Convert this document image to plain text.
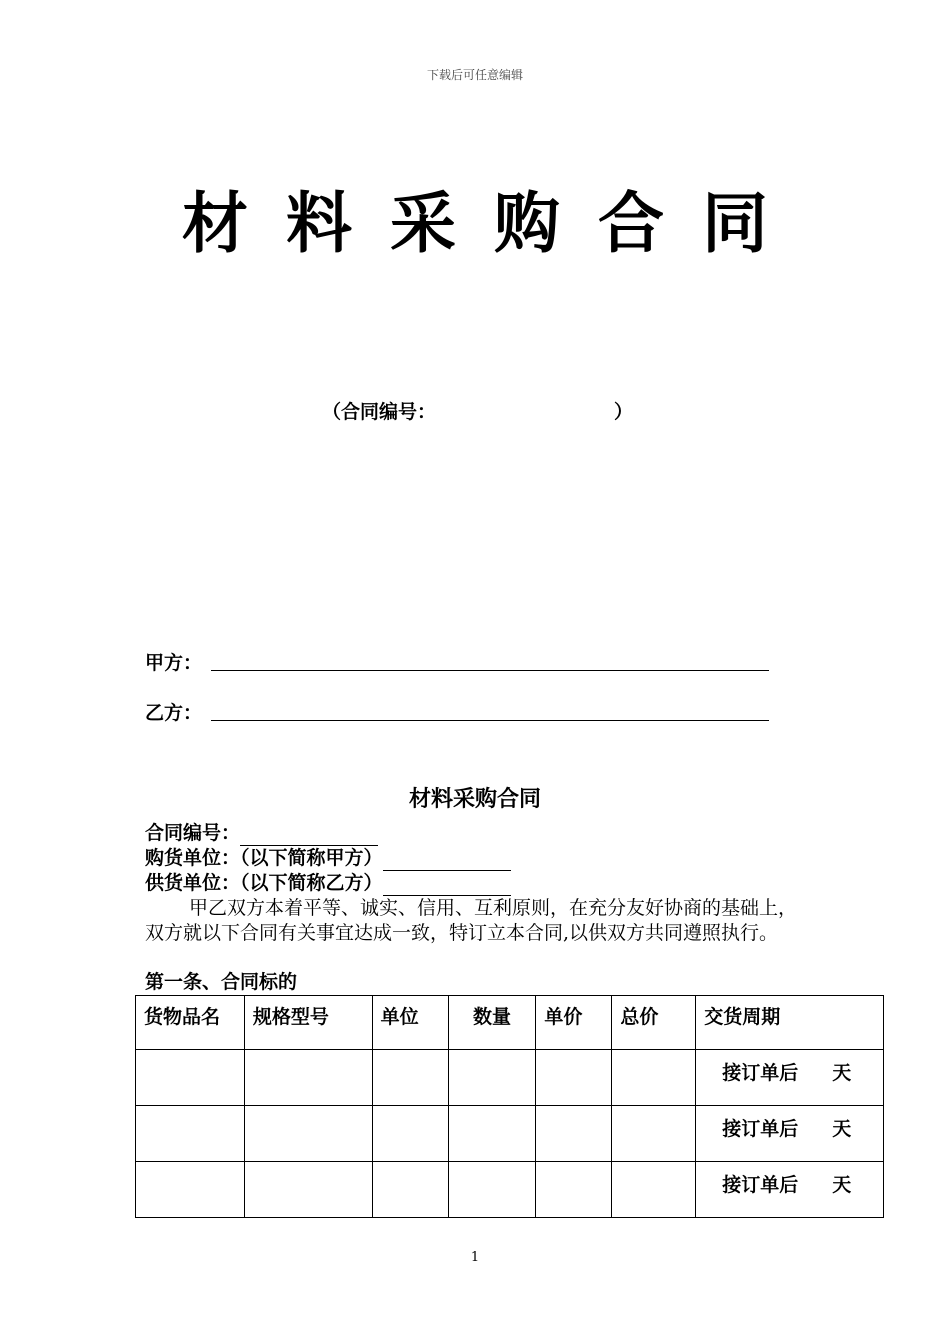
下载后可任意编辑
材料采购合同
（合同编号：	）
甲方：
乙方：
材料采购合同
合同编号：
购货单位：（以下简称甲方）
供货单位：（以下简称乙方）
甲乙双方本着平等、诚实、信用、互利原则，在充分友好协商的基础上，双方就以下合同有关事宜达成一致，特订立本合同,以供双方共同遵照执行。
第一条、合同标的
货物品名	规格型号	单位	数量	单价	总价	交货周期
						接订单后 天
						接订单后 天
						接订单后 天
1
